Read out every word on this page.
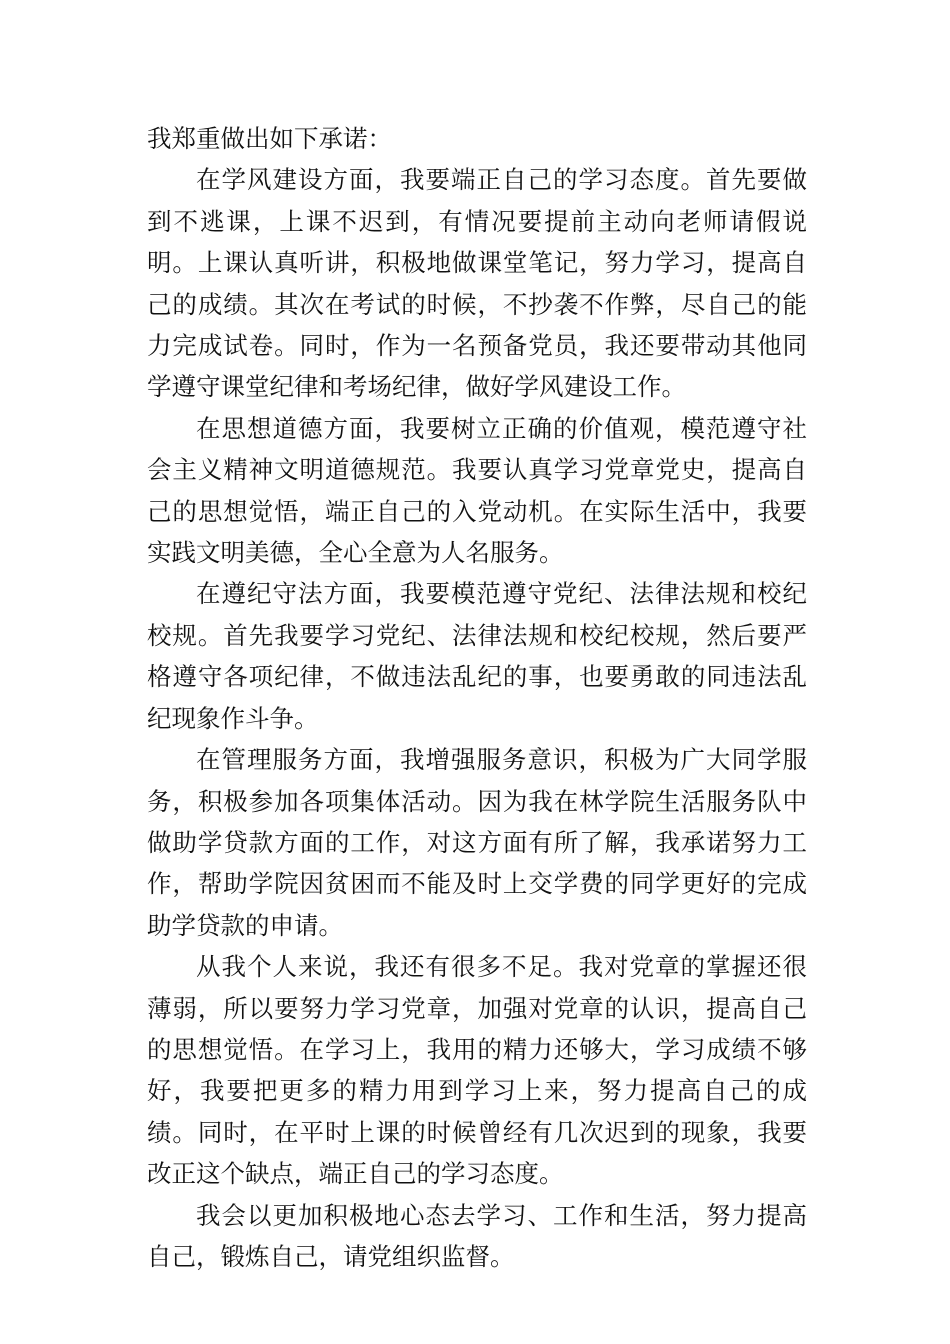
我郑重做出如下承诺：

在学风建设方面，我要端正自己的学习态度。首先要做到不逃课，上课不迟到，有情况要提前主动向老师请假说明。上课认真听讲，积极地做课堂笔记，努力学习，提高自己的成绩。其次在考试的时候，不抄袭不作弊，尽自己的能力完成试卷。同时，作为一名预备党员，我还要带动其他同学遵守课堂纪律和考场纪律，做好学风建设工作。

在思想道德方面，我要树立正确的价值观，模范遵守社会主义精神文明道德规范。我要认真学习党章党史，提高自己的思想觉悟，端正自己的入党动机。在实际生活中，我要实践文明美德，全心全意为人名服务。

在遵纪守法方面，我要模范遵守党纪、法律法规和校纪校规。首先我要学习党纪、法律法规和校纪校规，然后要严格遵守各项纪律，不做违法乱纪的事，也要勇敢的同违法乱纪现象作斗争。

在管理服务方面，我增强服务意识，积极为广大同学服务，积极参加各项集体活动。因为我在林学院生活服务队中做助学贷款方面的工作，对这方面有所了解，我承诺努力工作，帮助学院因贫困而不能及时上交学费的同学更好的完成助学贷款的申请。

从我个人来说，我还有很多不足。我对党章的掌握还很薄弱，所以要努力学习党章，加强对党章的认识，提高自己的思想觉悟。在学习上，我用的精力还够大，学习成绩不够好，我要把更多的精力用到学习上来，努力提高自己的成绩。同时，在平时上课的时候曾经有几次迟到的现象，我要改正这个缺点，端正自己的学习态度。

我会以更加积极地心态去学习、工作和生活，努力提高自己，锻炼自己，请党组织监督。
